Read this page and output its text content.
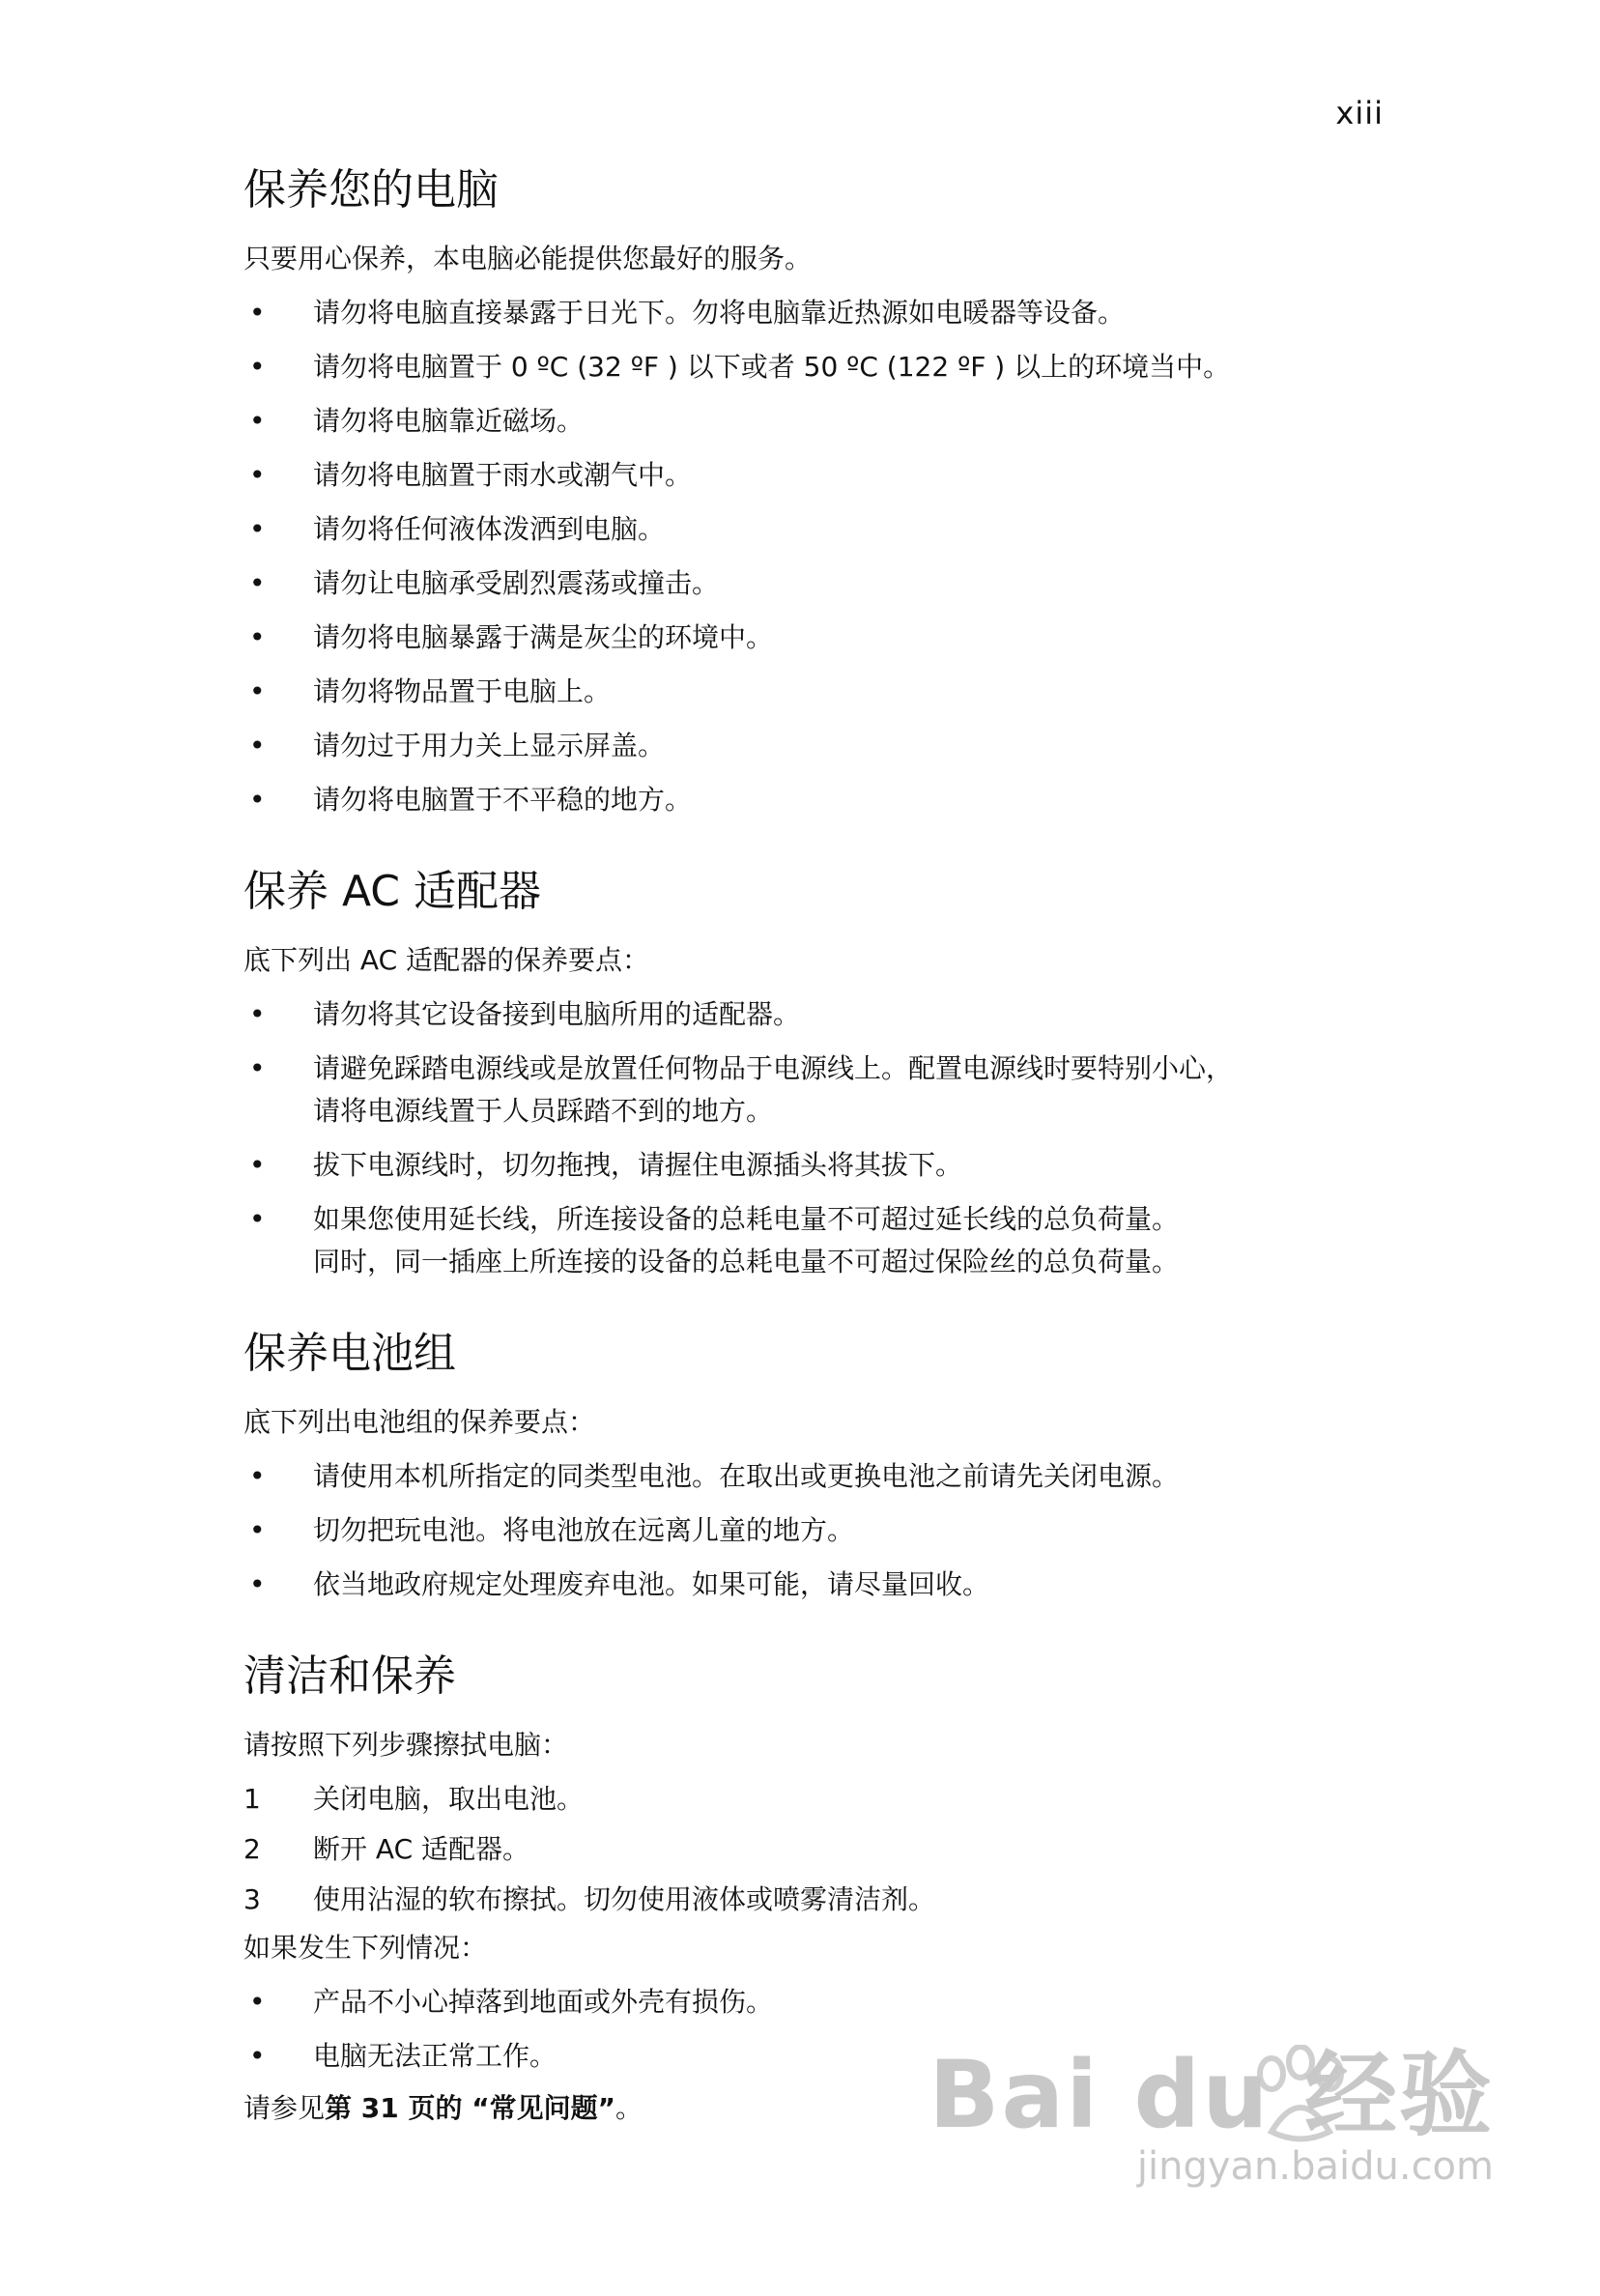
xiii
保养您的电脑

只要用心保养，本电脑必能提供您最好的服务。

• 请勿将电脑直接暴露于日光下。勿将电脑靠近热源如电暖器等设备。
• 请勿将电脑置于 0 ºC (32 ºF ) 以下或者 50 ºC (122 ºF ) 以上的环境当中。
• 请勿将电脑靠近磁场。
• 请勿将电脑置于雨水或潮气中。
• 请勿将任何液体泼洒到电脑。
• 请勿让电脑承受剧烈震荡或撞击。
• 请勿将电脑暴露于满是灰尘的环境中。
• 请勿将物品置于电脑上。
• 请勿过于用力关上显示屏盖。
• 请勿将电脑置于不平稳的地方。
保养 AC 适配器

底下列出 AC 适配器的保养要点：

• 请勿将其它设备接到电脑所用的适配器。
• 请避免踩踏电源线或是放置任何物品于电源线上。配置电源线时要特别小心，
请将电源线置于人员踩踏不到的地方。
• 拔下电源线时，切勿拖拽，请握住电源插头将其拔下。
• 如果您使用延长线，所连接设备的总耗电量不可超过延长线的总负荷量。
同时，同一插座上所连接的设备的总耗电量不可超过保险丝的总负荷量。
保养电池组

底下列出电池组的保养要点：

• 请使用本机所指定的同类型电池。在取出或更换电池之前请先关闭电源。
• 切勿把玩电池。将电池放在远离儿童的地方。
• 依当地政府规定处理废弃电池。如果可能，请尽量回收。
清洁和保养

请按照下列步骤擦拭电脑：

1 关闭电脑，取出电池。
2 断开 AC 适配器。
3 使用沾湿的软布擦拭。切勿使用液体或喷雾清洁剂。

如果发生下列情况：

• 产品不小心掉落到地面或外壳有损伤。
• 电脑无法正常工作。

请参见第 31 页的 “常见问题”。	Bai du 经验
jingyan.baidu.com
